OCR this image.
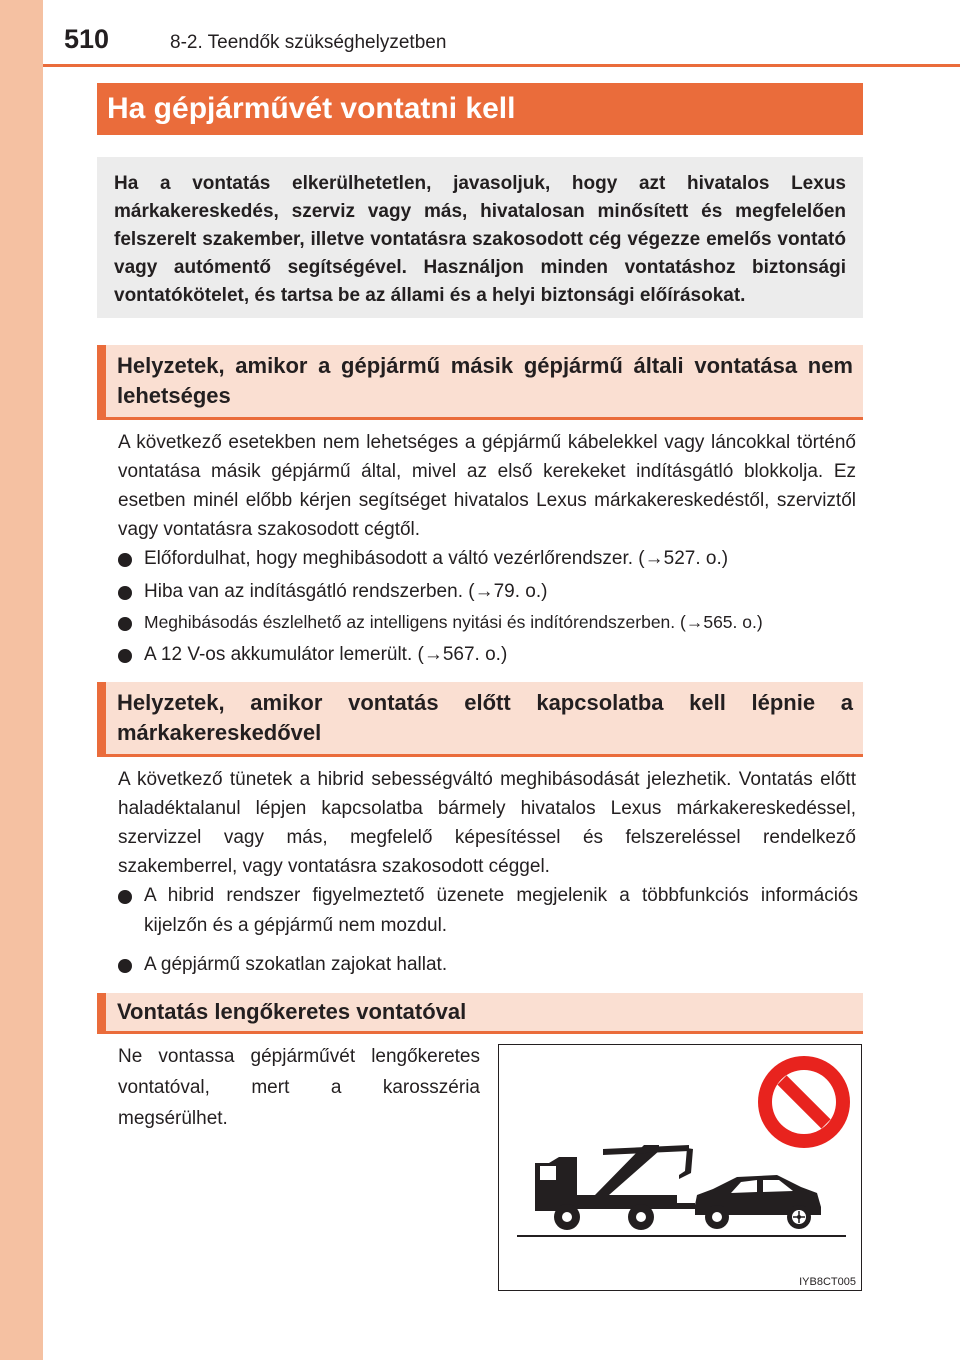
510	8-2. Teendők szükséghelyzetben
Ha gépjárművét vontatni kell
Ha a vontatás elkerülhetetlen, javasoljuk, hogy azt hivatalos Lexus márkakereskedés, szerviz vagy más, hivatalosan minősített és megfelelően felszerelt szakember, illetve vontatásra szakosodott cég végezze emelős vontató vagy autómentő segítségével. Használjon minden vontatáshoz biztonsági vontatókötelet, és tartsa be az állami és a helyi biztonsági előírásokat.
Helyzetek, amikor a gépjármű másik gépjármű általi vontatása nem lehetséges
A következő esetekben nem lehetséges a gépjármű kábelekkel vagy láncokkal történő vontatása másik gépjármű által, mivel az első kerekeket indításgátló blokkolja. Ez esetben minél előbb kérjen segítséget hivatalos Lexus márkakereskedéstől, szerviztől vagy vontatásra szakosodott cégtől.
Előfordulhat, hogy meghibásodott a váltó vezérlőrendszer. (→527. o.)
Hiba van az indításgátló rendszerben. (→79. o.)
Meghibásodás észlelhető az intelligens nyitási és indítórendszerben. (→565. o.)
A 12 V-os akkumulátor lemerült. (→567. o.)
Helyzetek, amikor vontatás előtt kapcsolatba kell lépnie a márkakereskedővel
A következő tünetek a hibrid sebességváltó meghibásodását jelezhetik. Vontatás előtt haladéktalanul lépjen kapcsolatba bármely hivatalos Lexus márkakereskedéssel, szervizzel vagy más, megfelelő képesítéssel és felszereléssel rendelkező szakemberrel, vagy vontatásra szakosodott céggel.
A hibrid rendszer figyelmeztető üzenete megjelenik a többfunkciós információs kijelzőn és a gépjármű nem mozdul.
A gépjármű szokatlan zajokat hallat.
Vontatás lengőkeretes vontatóval
Ne vontassa gépjárművét lengőkeretes vontatóval, mert a karosszéria megsérülhet.
IYB8CT005
